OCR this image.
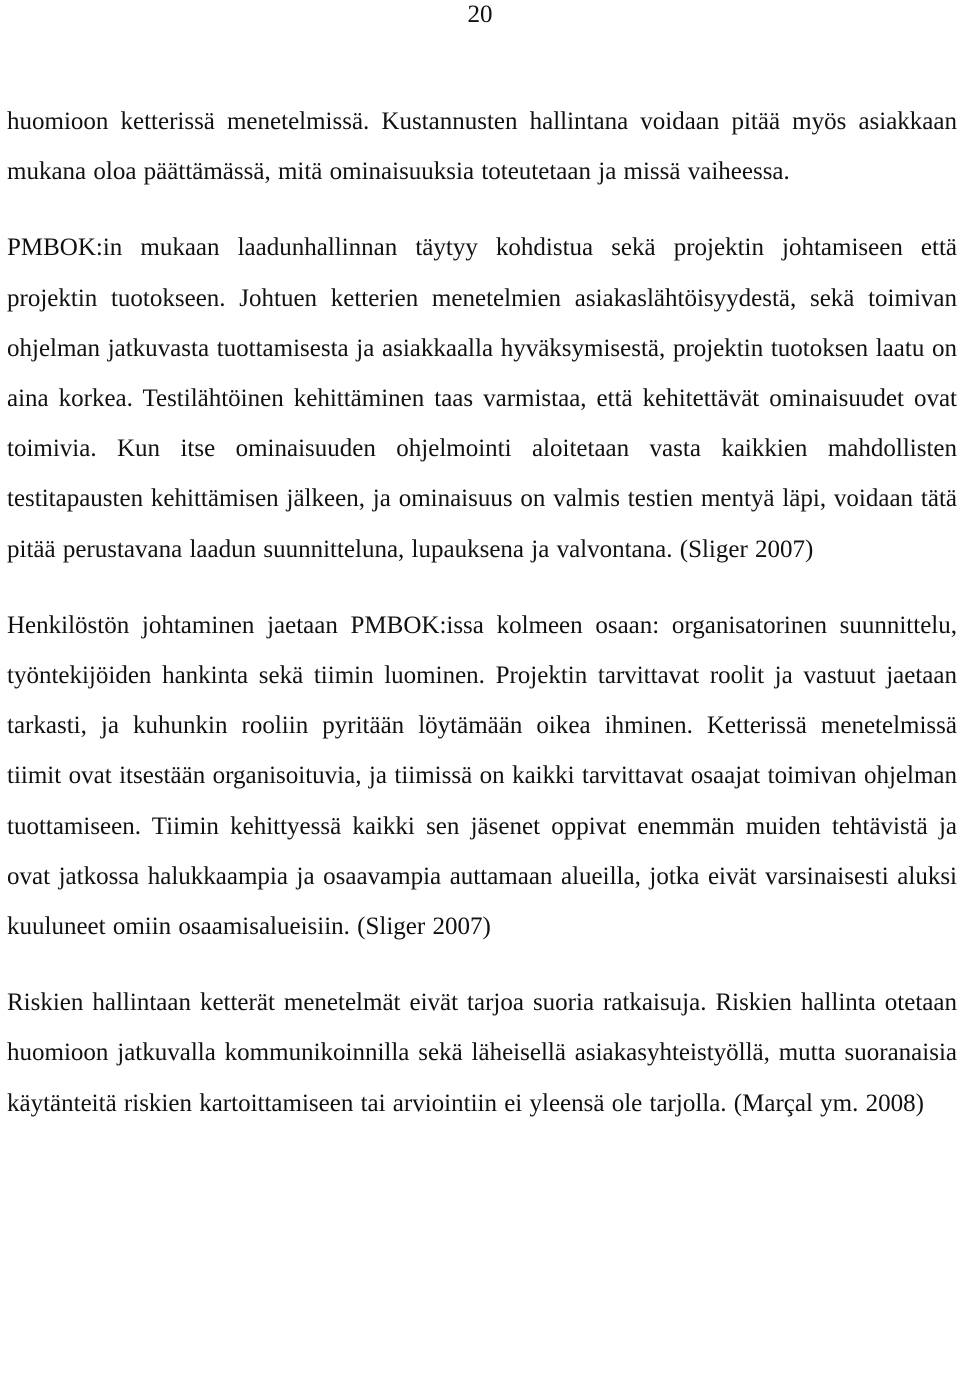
20

huomioon ketterissä menetelmissä. Kustannusten hallintana voidaan pitää myös asiakkaan mukana oloa päättämässä, mitä ominaisuuksia toteutetaan ja missä vaiheessa.

PMBOK:in mukaan laadunhallinnan täytyy kohdistua sekä projektin johtamiseen että projektin tuotokseen. Johtuen ketterien menetelmien asiakaslähtöisyydestä, sekä toimivan ohjelman jatkuvasta tuottamisesta ja asiakkaalla hyväksymisestä, projektin tuotoksen laatu on aina korkea. Testilähtöinen kehittäminen taas varmistaa, että kehitettävät ominaisuudet ovat toimivia. Kun itse ominaisuuden ohjelmointi aloitetaan vasta kaikkien mahdollisten testitapausten kehittämisen jälkeen, ja ominaisuus on valmis testien mentyä läpi, voidaan tätä pitää perustavana laadun suunnitteluna, lupauksena ja valvontana. (Sliger 2007)

Henkilöstön johtaminen jaetaan PMBOK:issa kolmeen osaan: organisatorinen suunnittelu, työntekijöiden hankinta sekä tiimin luominen. Projektin tarvittavat roolit ja vastuut jaetaan tarkasti, ja kuhunkin rooliin pyritään löytämään oikea ihminen. Ketterissä menetelmissä tiimit ovat itsestään organisoituvia, ja tiimissä on kaikki tarvittavat osaajat toimivan ohjelman tuottamiseen. Tiimin kehittyessä kaikki sen jäsenet oppivat enemmän muiden tehtävistä ja ovat jatkossa halukkaampia ja osaavampia auttamaan alueilla, jotka eivät varsinaisesti aluksi kuuluneet omiin osaamisalueisiin. (Sliger 2007)

Riskien hallintaan ketterät menetelmät eivät tarjoa suoria ratkaisuja. Riskien hallinta otetaan huomioon jatkuvalla kommunikoinnilla sekä läheisellä asiakasyhteistyöllä, mutta suoranaisia käytänteitä riskien kartoittamiseen tai arviointiin ei yleensä ole tarjolla. (Marçal ym. 2008)
